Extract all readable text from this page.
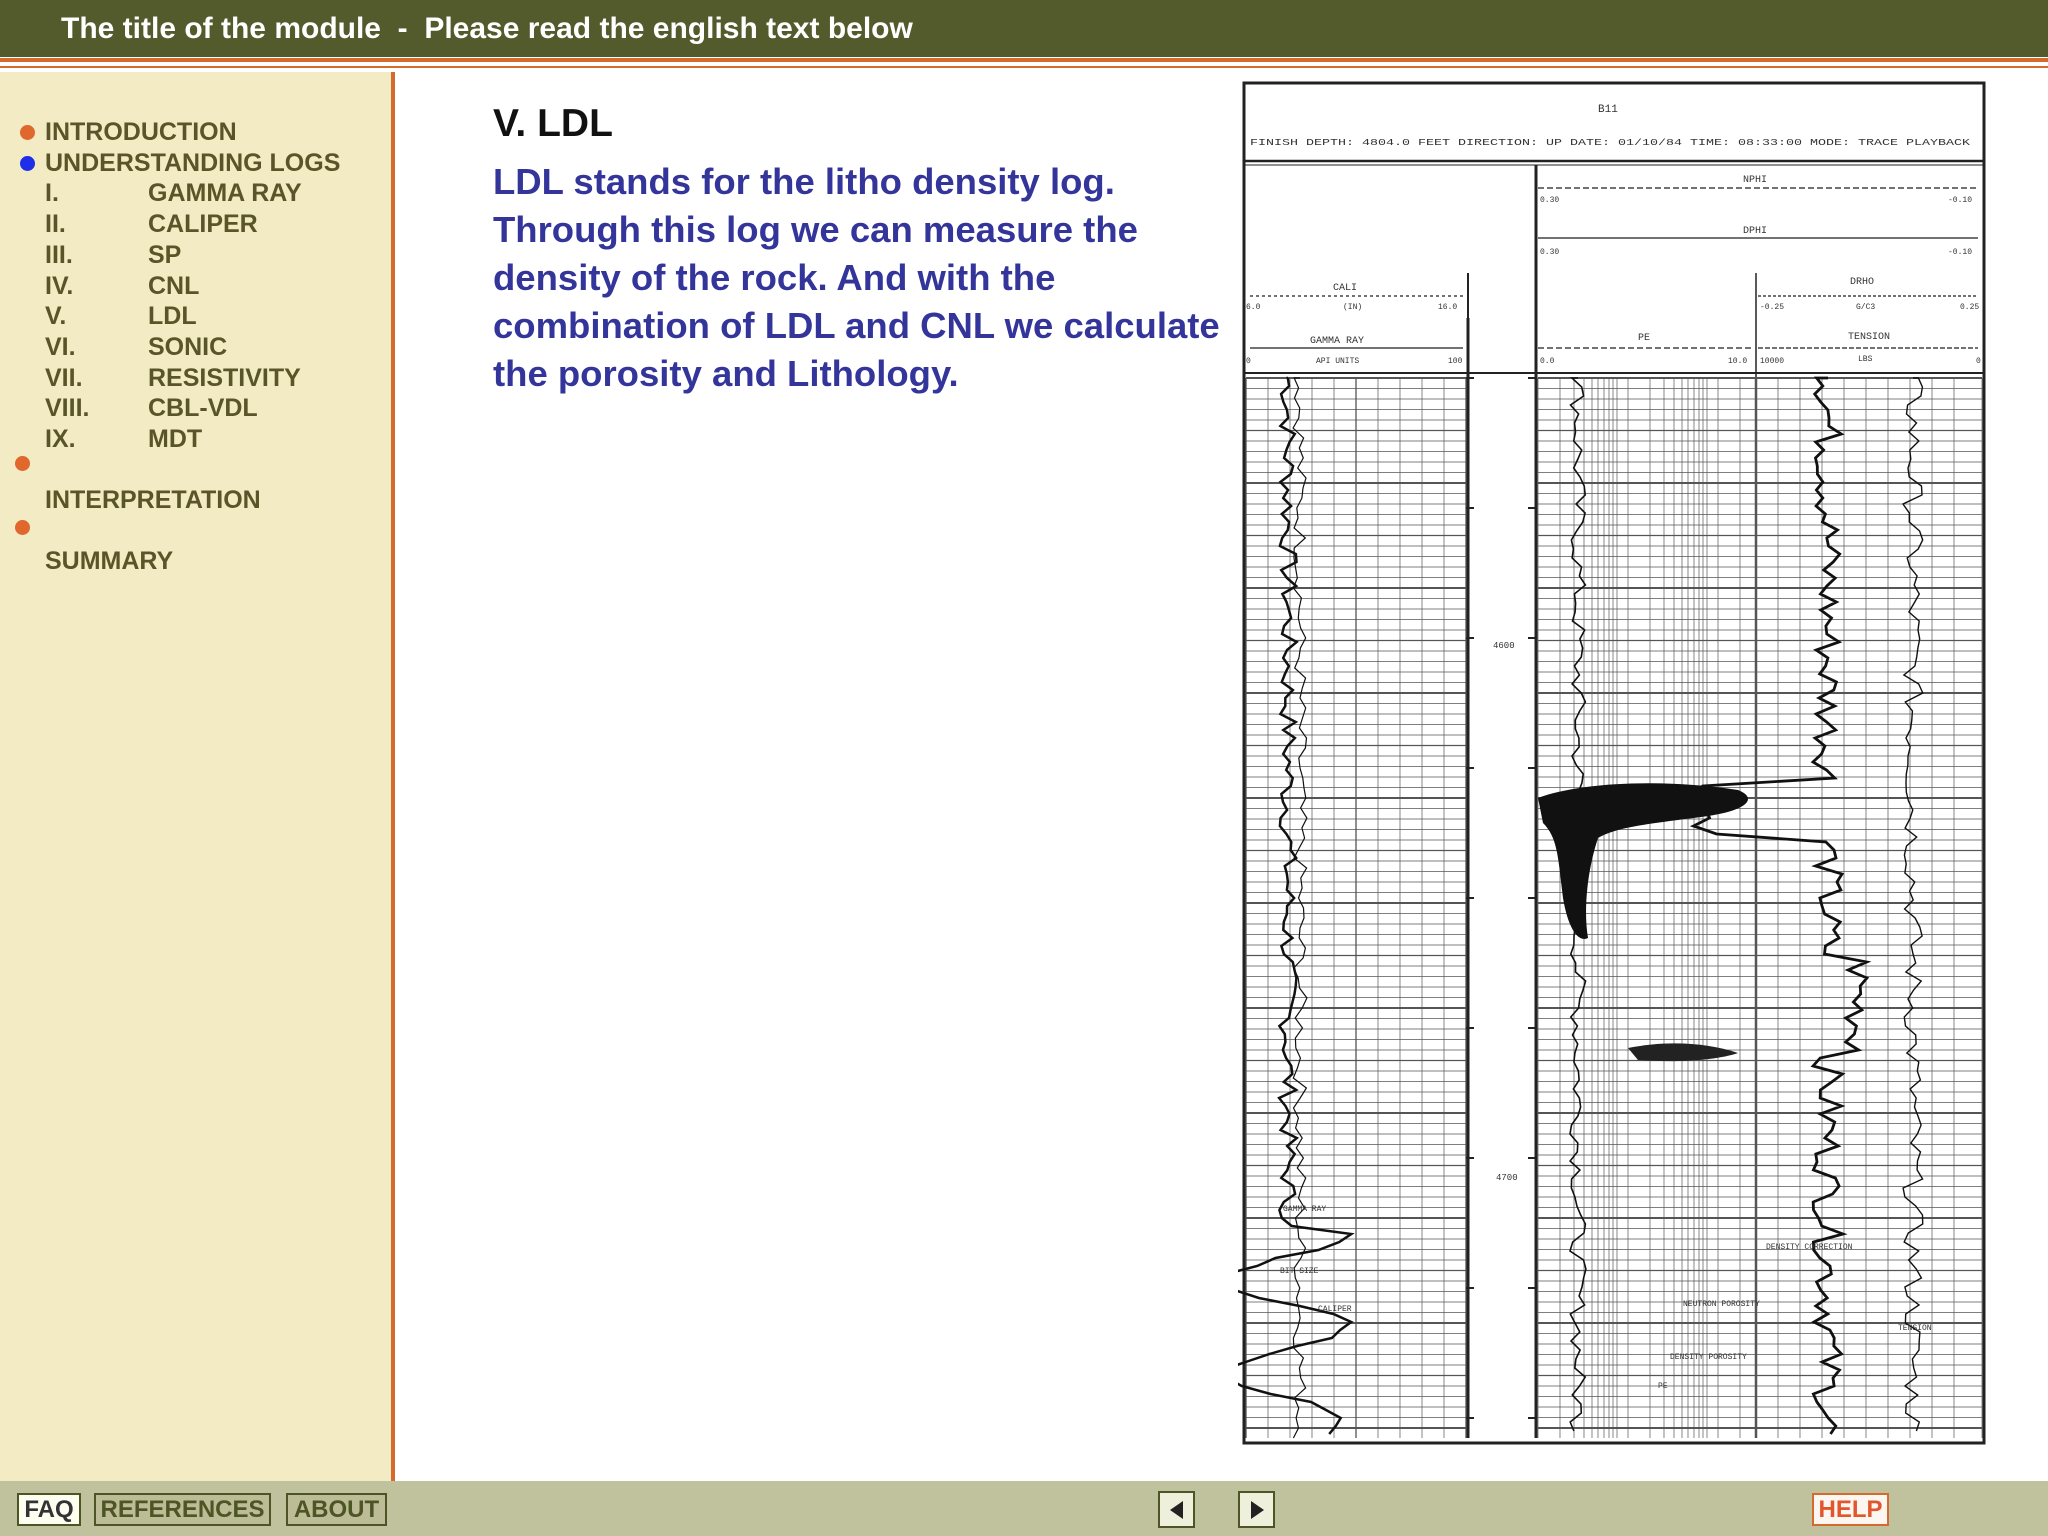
The title of the module  -  Please read the english text below
INTRODUCTION
UNDERSTANDING LOGS
I.	GAMMA RAY
II.	CALIPER
III.	SP
IV.	CNL
V.	LDL
VI.	SONIC
VII.	RESISTIVITY
VIII. CBL-VDL
IX.	MDT
INTERPRETATION
SUMMARY
V. LDL
LDL stands for the litho density log. Through this log we can measure the density of the rock. And with the combination of LDL and CNL we calculate the porosity and Lithology.
B11
FINISH DEPTH: 4804.0 FEET DIRECTION: UP DATE: 01/10/84 TIME: 08:33:00 MODE: TRACE PLAYBACK
NPHI
0.30	-0.10
DPHI
0.30	-0.10
CALI
(IN)
6.0	16.0
DRHO
G/C3
-0.25	0.25
GAMMA RAY
API UNITS
0	100
PE
0.0	10.0
TENSION
LBS
10000	0
4600
4700
GAMMA RAY
BIT SIZE
CALIPER
DENSITY CORRECTION
NEUTRON POROSITY
DENSITY POROSITY
PE
TENSION
FAQ	REFERENCES	ABOUT	HELP
